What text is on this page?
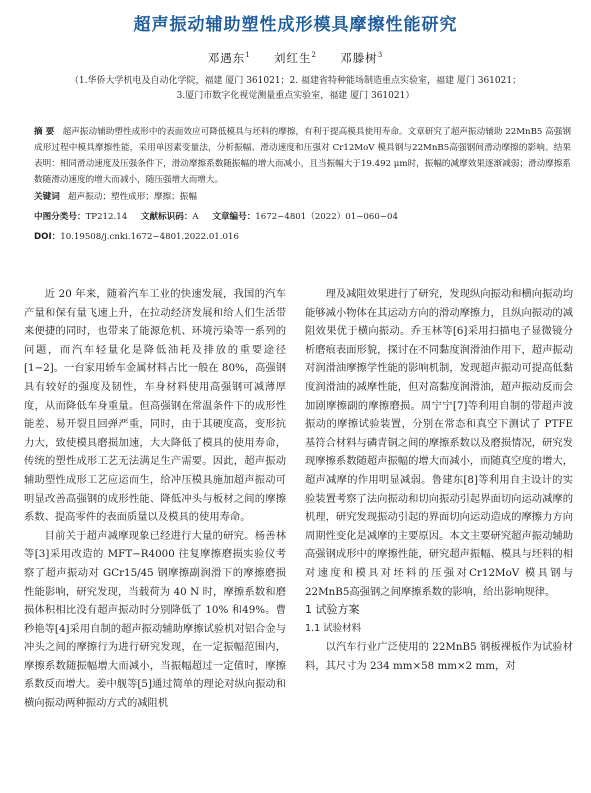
超声振动辅助塑性成形模具摩擦性能研究
邓遇东$^1$ 刘红生$^2$ 邓滕树$^3$
（1.华侨大学机电及自动化学院，福建 厦门 361021；2. 福建省特种能场制造重点实验室，福建 厦门 361021；
3.厦门市数字化视觉测量重点实验室，福建 厦门 361021）
摘 要 超声振动辅助塑性成形中的表面效应可降低模具与坯料的摩擦，有利于提高模具使用寿命。文章研究了超声振动辅助 22MnB5 高强钢成形过程中模具摩擦性能，采用单因素变量法，分析振幅、滑动速度和压强对 Cr12MoV 模具钢与22MnB5高强钢间滑动摩擦的影响。结果表明：相同滑动速度及压强条件下，滑动摩擦系数随振幅的增大而减小，且当振幅大于19.492 μm时，振幅的减摩效果逐渐减弱；滑动摩擦系数随滑动速度的增大而减小，随压强增大而增大。
关键词 超声振动；塑性成形；摩擦；振幅
中图分类号：TP212.14 文献标识码：A 文章编号：1672−4801（2022）01−060−04
DOI：10.19508/j.cnki.1672−4801.2022.01.016

近 20 年来，随着汽车工业的快速发展，我国的汽车产量和保有量飞速上升，在拉动经济发展和给人们生活带来便捷的同时，也带来了能源危机、环境污染等一系列的问题，而汽车轻量化是降低油耗及排放的重要途径[1−2]。一台家用轿车金属材料占比一般在 80%，高强钢具有较好的强度及韧性，车身材料使用高强钢可减薄厚度，从而降低车身重量。但高强钢在常温条件下的成形性能差、易开裂且回弹严重，同时，由于其硬度高，变形抗力大，致使模具磨损加速，大大降低了模具的使用寿命，传统的塑性成形工艺无法满足生产需要。因此，超声振动辅助塑性成形工艺应运而生，给冲压模具施加超声振动可明显改善高强钢的成形性能、降低冲头与板材之间的摩擦系数、提高零件的表面质量以及模具的使用寿命。

目前关于超声减摩现象已经进行大量的研究。杨善林等[3]采用改造的 MFT−R4000 往复摩擦磨损实验仪考察了超声振动对 GCr15/45 钢摩擦副润滑下的摩擦磨损性能影响，研究发现，当载荷为 40 N 时，摩擦系数和磨损体积相比没有超声振动时分别降低了 10% 和49%。曹秒艳等[4]采用自制的超声振动辅助摩擦试验机对铝合金与冲头之间的摩擦行为进行研究发现，在一定振幅范围内，摩擦系数随振幅增大而减小，当振幅超过一定值时，摩擦系数反而增大。姜中舰等[5]通过简单的理论对纵向振动和横向振动两种振动方式的减阻机

理及减阻效果进行了研究，发现纵向振动和横向振动均能够减小物体在其运动方向的滑动摩擦力，且纵向振动的减阻效果优于横向振动。乔玉林等[6]采用扫描电子显微镜分析磨痕表面形貌，探讨在不同黏度润滑油作用下，超声振动对润滑油摩擦学性能的影响机制，发现超声振动可提高低黏度润滑油的减摩性能，但对高黏度润滑油，超声振动反而会加剧摩擦副的摩擦磨损。周宁宁[7]等利用自制的带超声波振动的摩擦试验装置，分别在常态和真空下测试了 PTFE 基符合材料与磷青铜之间的摩擦系数以及磨损情况，研究发现摩擦系数随超声振幅的增大而减小，而随真空度的增大，超声减摩的作用明显减弱。鲁建东[8]等利用自主设计的实验装置考察了法向振动和切向振动引起界面切向运动减摩的机理，研究发现振动引起的界面切向运动造成的摩擦力方向周期性变化是减摩的主要原因。本文主要研究超声振动辅助高强钢成形中的摩擦性能，研究超声振幅、模具与坯料的相对速度和模具对坯料的压强对Cr12MoV 模具钢与22MnB5高强钢之间摩擦系数的影响，给出影响规律。

1 试验方案

1.1 试验材料

以汽车行业广泛使用的 22MnB5 钢板裸板作为试验材料，其尺寸为 234 mm×58 mm×2 mm，对
